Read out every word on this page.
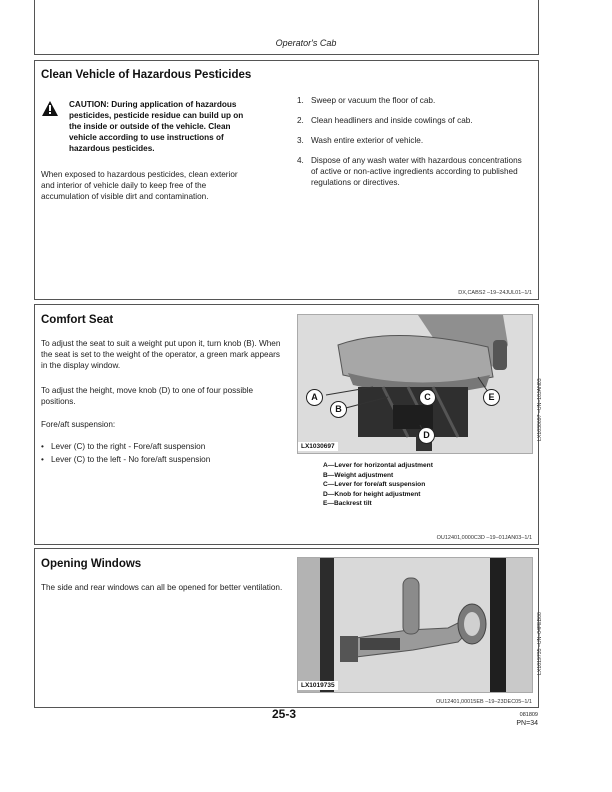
Operator's Cab
Clean Vehicle of Hazardous Pesticides
CAUTION: During application of hazardous
pesticides, pesticide residue can build up on
the inside or outside of the vehicle. Clean
vehicle according to use instructions of
hazardous pesticides.
When exposed to hazardous pesticides, clean exterior
and interior of vehicle daily to keep free of the
accumulation of visible dirt and contamination.
1. Sweep or vacuum the floor of cab.
2. Clean headliners and inside cowlings of cab.
3. Wash entire exterior of vehicle.
4. Dispose of any wash water with hazardous concentrations of active or non-active ingredients according to published regulations or directives.
DX,CABS2 –19–24JUL01–1/1
Comfort Seat

To adjust the seat to suit a weight put upon it, turn knob (B). When the seat is set to the weight of the operator, a green mark appears in the display window.

To adjust the height, move knob (D) to one of four possible positions.

Fore/aft suspension:

• Lever (C) to the right - Fore/aft suspension
• Lever (C) to the left - No fore/aft suspension
A
B
C
D
E
LX1030697
LX1030697 –UN–10JAN03
A—Lever for horizontal adjustment
B—Weight adjustment
C—Lever for fore/aft suspension
D—Knob for height adjustment
E—Backrest tilt
OU12401,0000C3D –19–01JAN03–1/1
Opening Windows

The side and rear windows can all be opened for better ventilation.

LX1019735
LX1019735 –UN–04FEB00
OU12401,00015EB –19–23DEC05–1/1
25-3	081809
PN=34
